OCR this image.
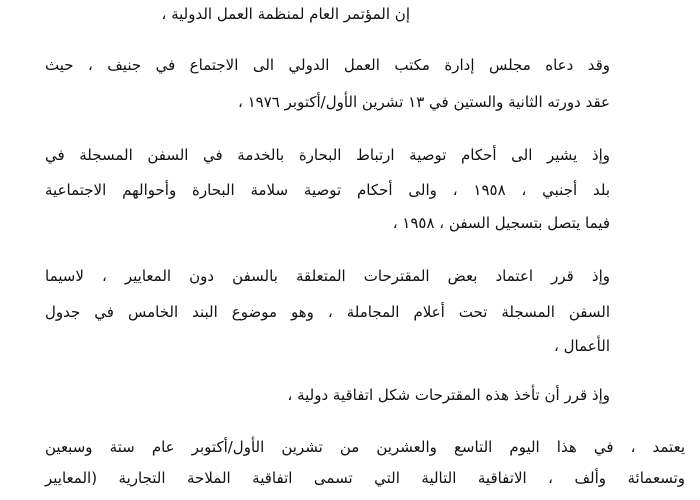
إن المؤتمر العام لمنظمة العمل الدولية ،
وقد دعاه مجلس إدارة مكتب العمل الدولي الى الاجتماع في جنيف ، حيث
عقد دورته الثانية والستين في ١٣ تشرين الأول/أكتوبر ١٩٧٦ ،
وإذ يشير الى أحكام توصية ارتباط البحارة بالخدمة في السفن المسجلة في
بلد أجنبي ، ١٩٥٨ ، والى أحكام توصية سلامة البحارة وأحوالهم الاجتماعية
فيما يتصل بتسجيل السفن ، ١٩٥٨ ،
وإذ قرر اعتماد بعض المقترحات المتعلقة بالسفن دون المعايير ، لاسيما
السفن المسجلة تحت أعلام المجاملة ، وهو موضوع البند الخامس في جدول
الأعمال ،
وإذ قرر أن تأخذ هذه المقترحات شكل اتفاقية دولية ،
يعتمد ، في هذا اليوم التاسع والعشرين من تشرين الأول/أكتوبر عام ستة وسبعين
وتسعمائة وألف ، الاتفاقية التالية التي تسمى اتفاقية الملاحة التجارية (المعايير
